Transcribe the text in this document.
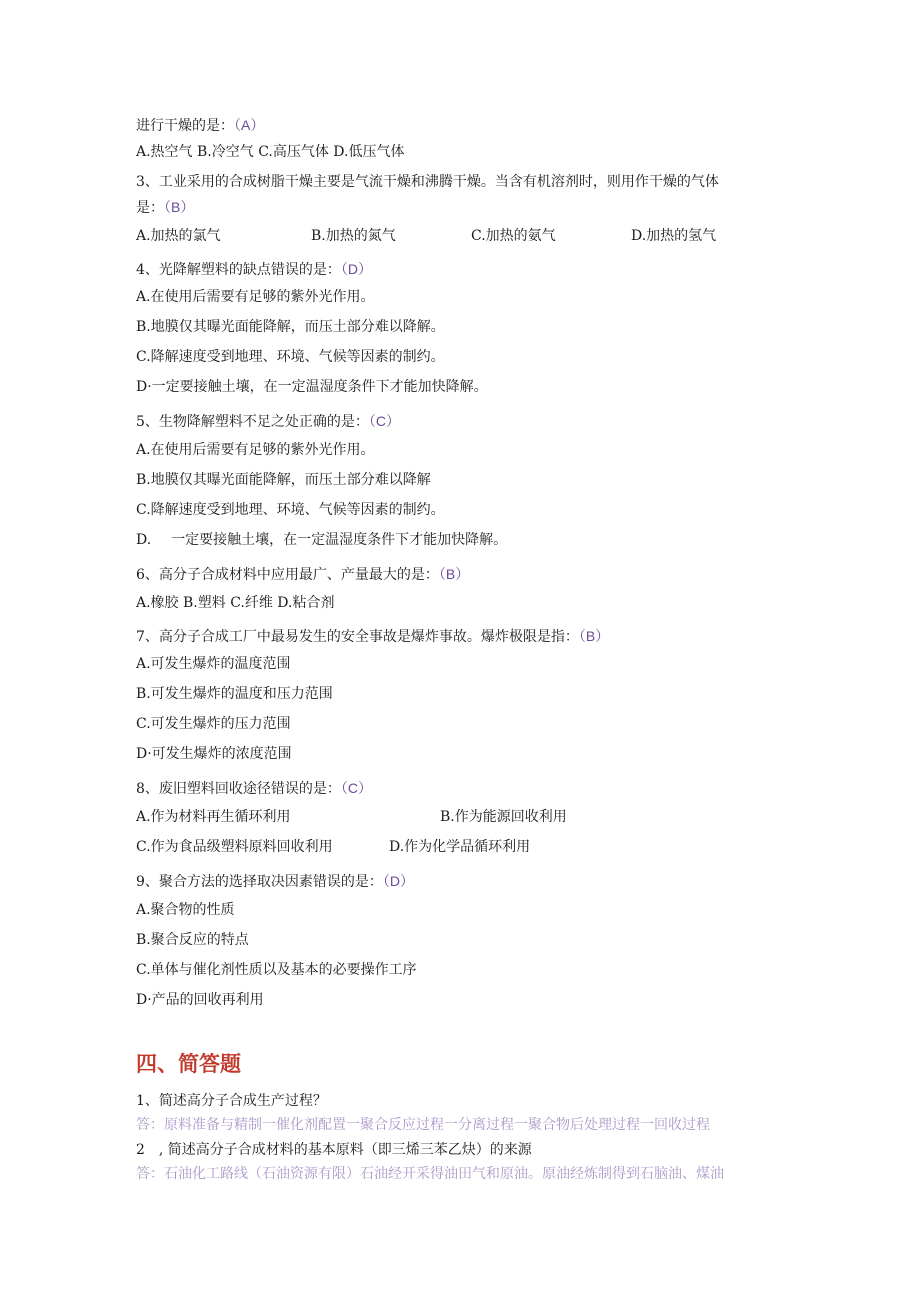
进行干燥的是：（A）

A.热空气 B.冷空气 C.高压气体 D.低压气体

3、工业采用的合成树脂干燥主要是气流干燥和沸腾干燥。当含有机溶剂时，则用作干燥的气体

是：（B）

A.加热的氯气	B.加热的氮气	C.加热的氨气	D.加热的氢气

4、光降解塑料的缺点错误的是：（D）

A.在使用后需要有足够的紫外光作用。

B.地膜仅其曝光面能降解，而压土部分难以降解。

C.降解速度受到地理、环境、气候等因素的制约。

D·一定要接触土壤，在一定温湿度条件下才能加快降解。

5、生物降解塑料不足之处正确的是：（C）

A.在使用后需要有足够的紫外光作用。

B.地膜仅其曝光面能降解，而压土部分难以降解

C.降解速度受到地理、环境、气候等因素的制约。

D. 一定要接触土壤，在一定温湿度条件下才能加快降解。

6、高分子合成材料中应用最广、产量最大的是：（B）

A.橡胶 B.塑料 C.纤维 D.粘合剂

7、高分子合成工厂中最易发生的安全事故是爆炸事故。爆炸极限是指：（B）

A.可发生爆炸的温度范围

B.可发生爆炸的温度和压力范围

C.可发生爆炸的压力范围

D·可发生爆炸的浓度范围

8、废旧塑料回收途径错误的是：（C）

A.作为材料再生循环利用	B.作为能源回收利用

C.作为食品级塑料原料回收利用	D.作为化学品循环利用

9、聚合方法的选择取决因素错误的是：（D）

A.聚合物的性质

B.聚合反应的特点

C.单体与催化剂性质以及基本的必要操作工序

D·产品的回收再利用

四、简答题

1、简述高分子合成生产过程？

答：原料准备与精制一催化剂配置一聚合反应过程一分离过程一聚合物后处理过程一回收过程

2　, 简述高分子合成材料的基本原料（即三烯三苯乙炔）的来源

答：石油化工路线（石油资源有限）石油经开采得油田气和原油。原油经炼制得到石脑油、煤油
